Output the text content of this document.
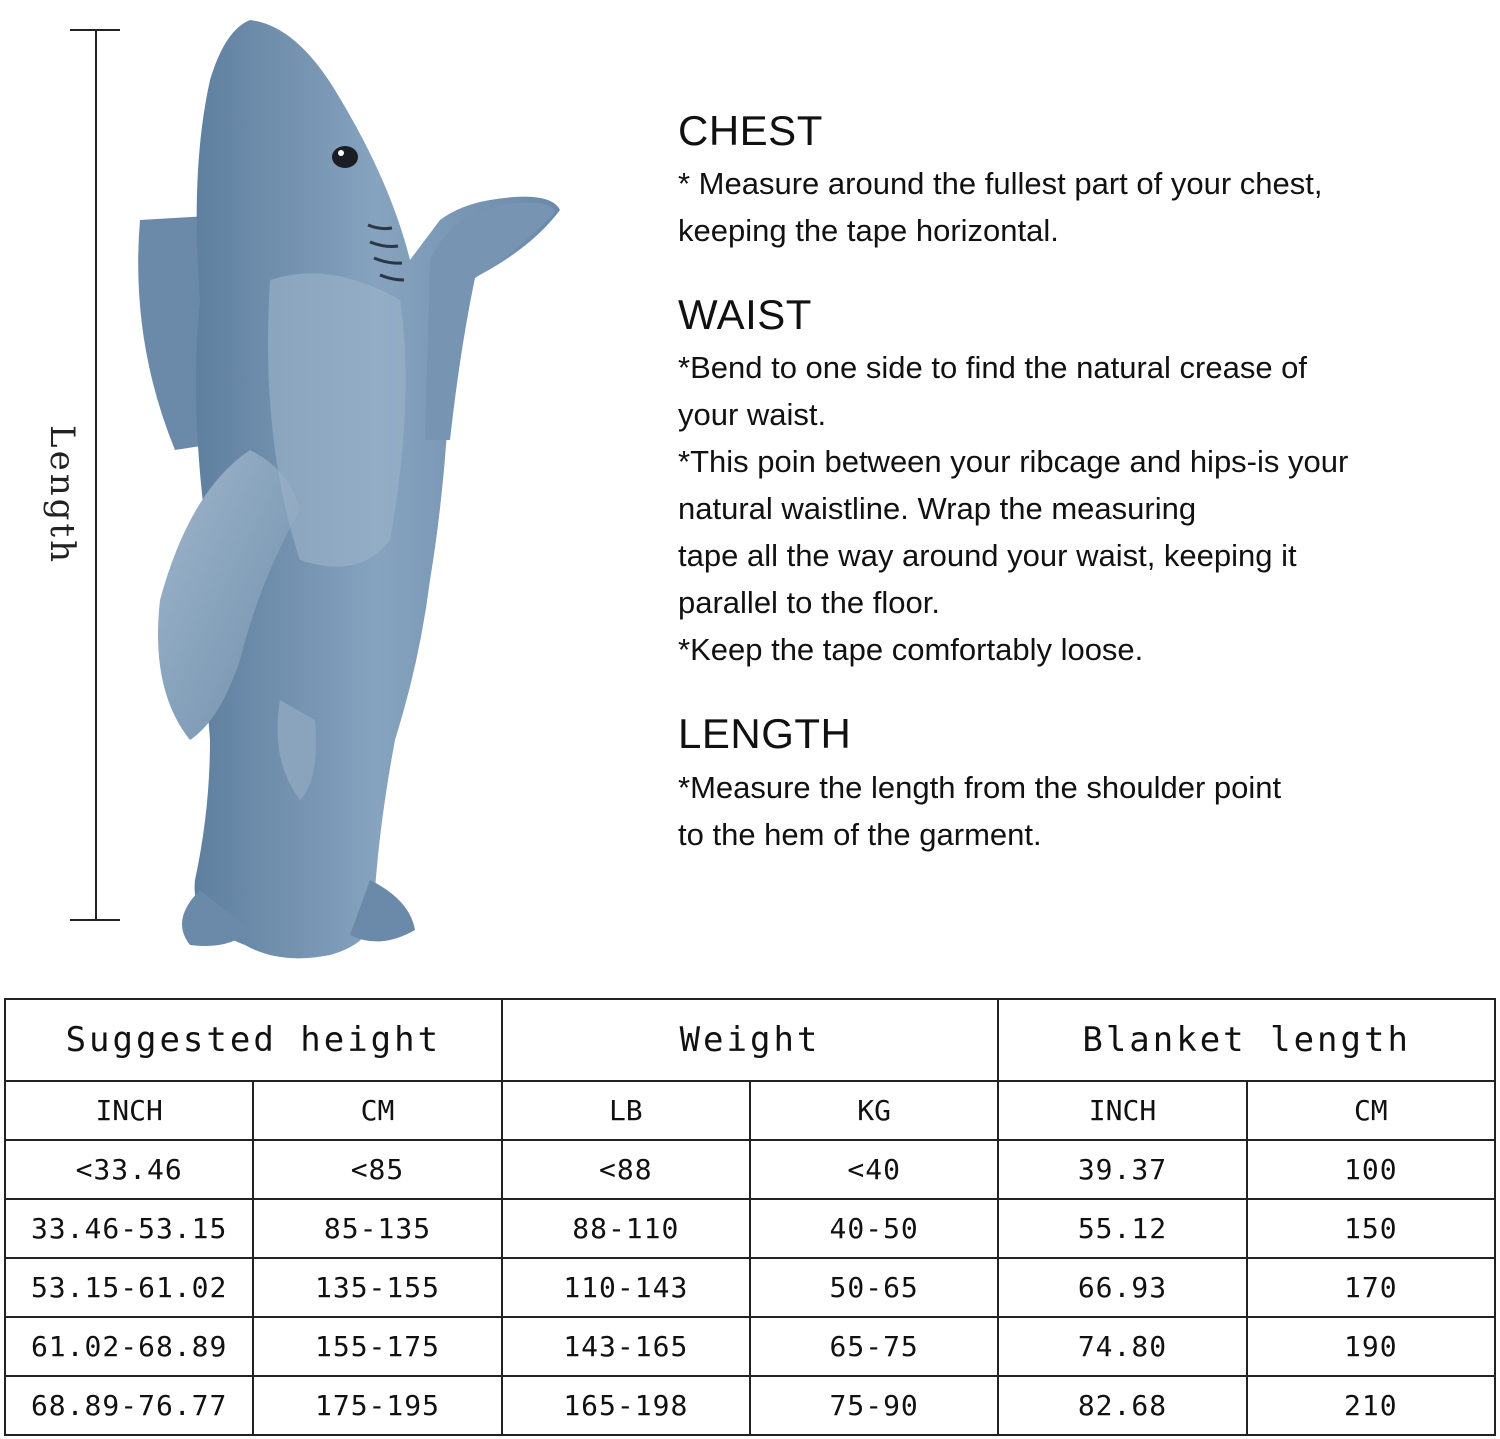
Length
CHEST

* Measure around the fullest part of your chest,
keeping the tape horizontal.

WAIST

*Bend to one side to find the natural crease of
your waist.
*This poin between your ribcage and hips-is your
natural waistline. Wrap the measuring
tape all the way around your waist, keeping it
parallel to the floor.
*Keep the tape comfortably loose.

LENGTH

*Measure the length from the shoulder point
to the hem of the garment.

Suggested height		Weight		Blanket length	
INCH	CM	LB	KG	INCH	CM
<33.46	<85	<88	<40	39.37	100
33.46-53.15	85-135	88-110	40-50	55.12	150
53.15-61.02	135-155	110-143	50-65	66.93	170
61.02-68.89	155-175	143-165	65-75	74.80	190
68.89-76.77	175-195	165-198	75-90	82.68	210
